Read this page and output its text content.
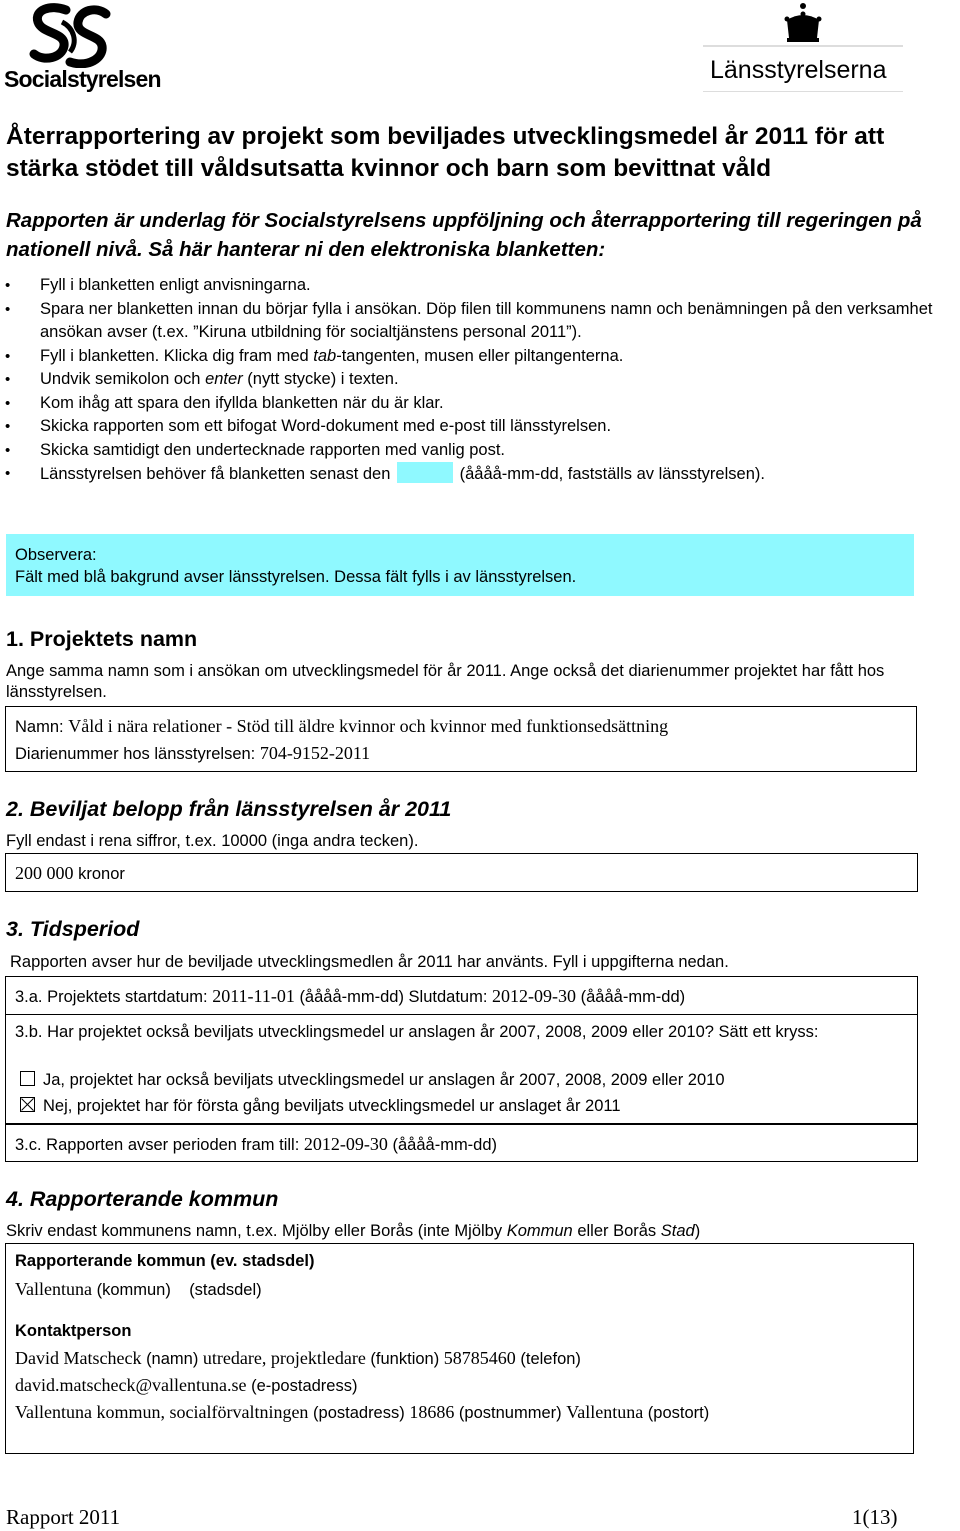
Socialstyrelsen	Länsstyrelserna
Återrapportering av projekt som beviljades utvecklingsmedel år 2011 för att stärka stödet till våldsutsatta kvinnor och barn som bevittnat våld
Rapporten är underlag för Socialstyrelsens uppföljning och återrapportering till regeringen på nationell nivå. Så här hanterar ni den elektroniska blanketten:
• Fyll i blanketten enligt anvisningarna.
• Spara ner blanketten innan du börjar fylla i ansökan. Döp filen till kommunens namn och benämningen på den verksamhet ansökan avser (t.ex. ”Kiruna utbildning för socialtjänstens personal 2011”).
• Fyll i blanketten. Klicka dig fram med tab-tangenten, musen eller piltangenterna.
• Undvik semikolon och enter (nytt stycke) i texten.
• Kom ihåg att spara den ifyllda blanketten när du är klar.
• Skicka rapporten som ett bifogat Word-dokument med e-post till länsstyrelsen.
• Skicka samtidigt den undertecknade rapporten med vanlig post.
• Länsstyrelsen behöver få blanketten senast den	(åååå-mm-dd, fastställs av länsstyrelsen).
Observera:
Fält med blå bakgrund avser länsstyrelsen. Dessa fält fylls i av länsstyrelsen.
1. Projektets namn
Ange samma namn som i ansökan om utvecklingsmedel för år 2011. Ange också det diarienummer projektet har fått hos länsstyrelsen.
Namn: Våld i nära relationer - Stöd till äldre kvinnor och kvinnor med funktionsedsättning
Diarienummer hos länsstyrelsen: 704-9152-2011
2. Beviljat belopp från länsstyrelsen år 2011
Fyll endast i rena siffror, t.ex. 10000 (inga andra tecken).
200 000 kronor
3. Tidsperiod
Rapporten avser hur de beviljade utvecklingsmedlen år 2011 har använts. Fyll i uppgifterna nedan.
3.a. Projektets startdatum: 2011-11-01 (åååå-mm-dd) Slutdatum: 2012-09-30 (åååå-mm-dd)
3.b. Har projektet också beviljats utvecklingsmedel ur anslagen år 2007, 2008, 2009 eller 2010? Sätt ett kryss:
Ja, projektet har också beviljats utvecklingsmedel ur anslagen år 2007, 2008, 2009 eller 2010
Nej, projektet har för första gång beviljats utvecklingsmedel ur anslaget år 2011
3.c. Rapporten avser perioden fram till: 2012-09-30 (åååå-mm-dd)
4. Rapporterande kommun
Skriv endast kommunens namn, t.ex. Mjölby eller Borås (inte Mjölby Kommun eller Borås Stad)
Rapporterande kommun (ev. stadsdel)
Vallentuna (kommun) (stadsdel)
Kontaktperson
David Matscheck (namn) utredare, projektledare (funktion) 58785460 (telefon)
david.matscheck@vallentuna.se (e-postadress)
Vallentuna kommun, socialförvaltningen (postadress) 18686 (postnummer) Vallentuna (postort)
Rapport 2011	1(13)
